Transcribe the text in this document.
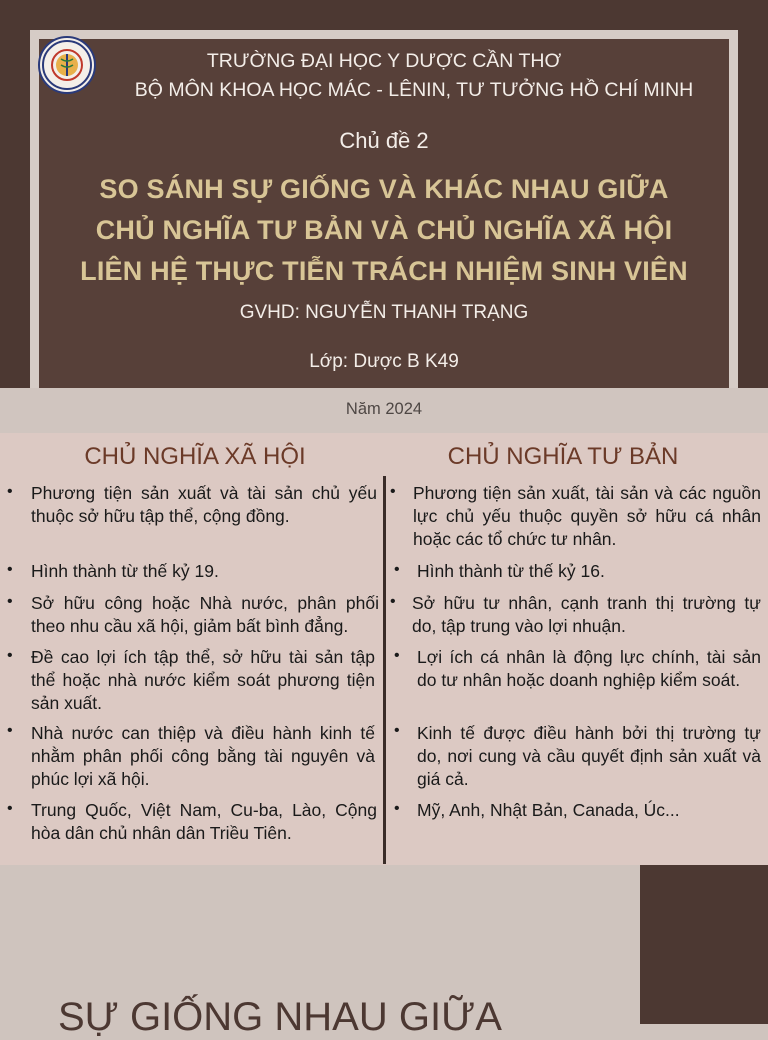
TRƯỜNG ĐẠI HỌC Y DƯỢC CẦN THƠ
BỘ MÔN KHOA HỌC MÁC - LÊNIN, TƯ TƯỞNG HỒ CHÍ MINH
Chủ đề 2
SO SÁNH SỰ GIỐNG VÀ KHÁC NHAU GIỮA
CHỦ NGHĨA TƯ BẢN VÀ CHỦ NGHĨA XÃ HỘI
LIÊN HỆ THỰC TIỄN TRÁCH NHIỆM SINH VIÊN
GVHD: NGUYỄN THANH TRẠNG
Lớp: Dược B K49
Năm 2024
CHỦ NGHĨA XÃ HỘI	CHỦ NGHĨA TƯ BẢN
• Phương tiện sản xuất và tài sản chủ yếu thuộc sở hữu tập thể, cộng đồng.
• Hình thành từ thế kỷ 19.
• Sở hữu công hoặc Nhà nước, phân phối theo nhu cầu xã hội, giảm bất bình đẳng.
• Đề cao lợi ích tập thể, sở hữu tài sản tập thể hoặc nhà nước kiểm soát phương tiện sản xuất.
• Nhà nước can thiệp và điều hành kinh tế nhằm phân phối công bằng tài nguyên và phúc lợi xã hội.
• Trung Quốc, Việt Nam, Cu-ba, Lào, Cộng hòa dân chủ nhân dân Triều Tiên.
• Phương tiện sản xuất, tài sản và các nguồn lực chủ yếu thuộc quyền sở hữu cá nhân hoặc các tổ chức tư nhân.
• Hình thành từ thế kỷ 16.
• Sở hữu tư nhân, cạnh tranh thị trường tự do, tập trung vào lợi nhuận.
• Lợi ích cá nhân là động lực chính, tài sản do tư nhân hoặc doanh nghiệp kiểm soát.
• Kinh tế được điều hành bởi thị trường tự do, nơi cung và cầu quyết định sản xuất và giá cả.
• Mỹ, Anh, Nhật Bản, Canada, Úc...
SỰ GIỐNG NHAU GIỮA
